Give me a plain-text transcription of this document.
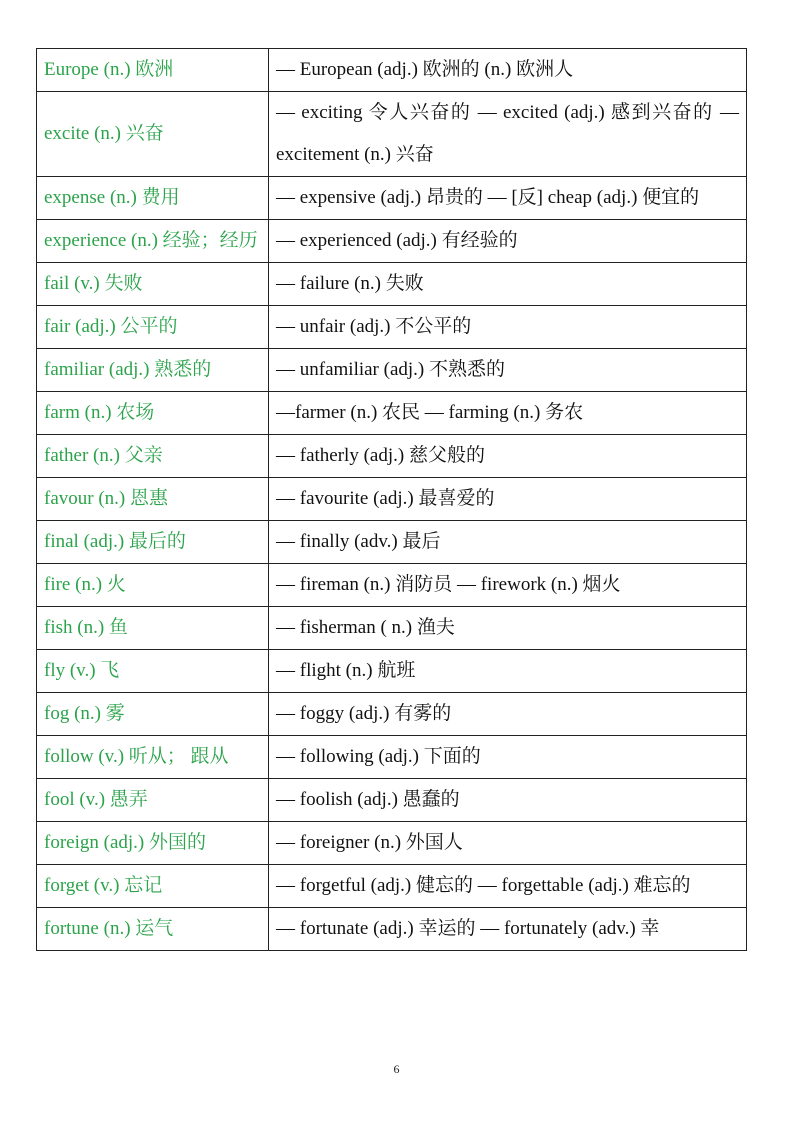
Europe (n.) 欧洲	— European (adj.) 欧洲的 (n.) 欧洲人
excite (n.) 兴奋	— exciting 令人兴奋的 — excited (adj.) 感到兴奋的 — excitement (n.) 兴奋
expense (n.) 费用	— expensive (adj.) 昂贵的 — [反] cheap (adj.) 便宜的
experience (n.) 经验；经历	— experienced (adj.) 有经验的
fail (v.) 失败	— failure (n.) 失败
fair (adj.) 公平的	— unfair (adj.) 不公平的
familiar (adj.) 熟悉的	— unfamiliar (adj.) 不熟悉的
farm (n.) 农场	—farmer (n.) 农民 — farming (n.) 务农
father (n.) 父亲	— fatherly (adj.) 慈父般的
favour (n.) 恩惠	— favourite (adj.) 最喜爱的
final (adj.) 最后的	— finally (adv.) 最后
fire (n.) 火	— fireman (n.) 消防员 — firework (n.) 烟火
fish (n.) 鱼	— fisherman ( n.) 渔夫
fly (v.) 飞	— flight (n.) 航班
fog (n.) 雾	— foggy (adj.) 有雾的
follow (v.) 听从； 跟从	— following (adj.) 下面的
fool (v.) 愚弄	— foolish (adj.) 愚蠢的
foreign (adj.) 外国的	— foreigner (n.) 外国人
forget (v.) 忘记	— forgetful (adj.) 健忘的 — forgettable (adj.) 难忘的
fortune (n.) 运气	— fortunate (adj.) 幸运的 — fortunately (adv.) 幸
6
